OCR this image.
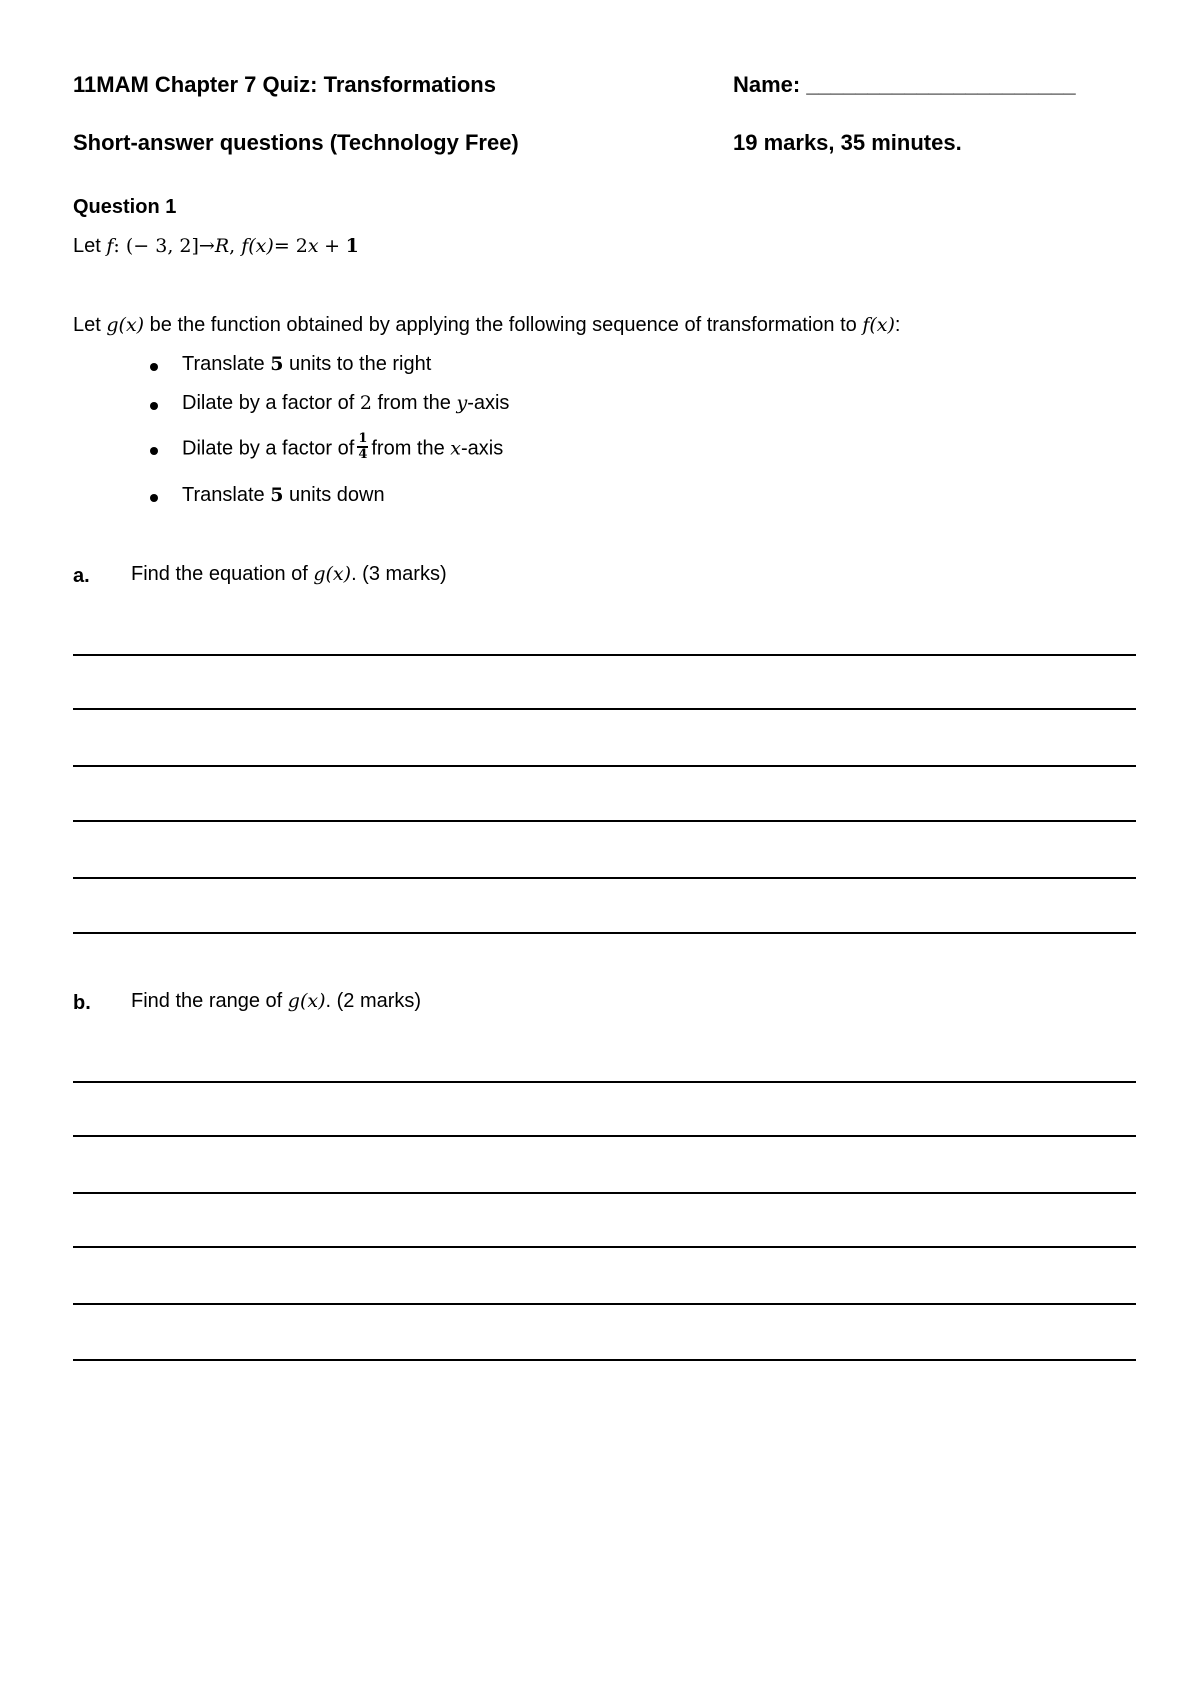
11MAM Chapter 7 Quiz: Transformations	Name: ______________________
Short-answer questions (Technology Free)	19 marks, 35 minutes.
Question 1
Let f: (− 3, 2]→R, f(x)= 2x + 1
Let g(x) be the function obtained by applying the following sequence of transformation to f(x):
Translate 5 units to the right
Dilate by a factor of 2 from the y-axis
Dilate by a factor of $\frac{1}{4}$ from the x-axis
Translate 5 units down
a. Find the equation of g(x). (3 marks)
b. Find the range of g(x). (2 marks)
